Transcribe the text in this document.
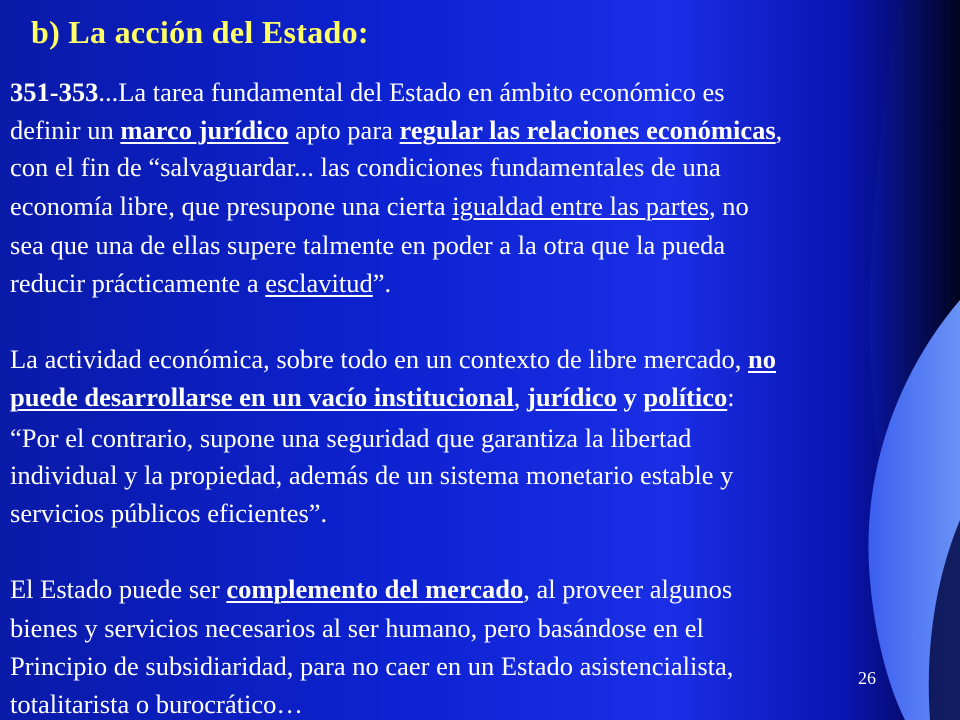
b) La acción del Estado:
351-353...La tarea fundamental del Estado en ámbito económico es
definir un marco jurídico apto para regular las relaciones económicas,
con el fin de “salvaguardar... las condiciones fundamentales de una
economía libre, que presupone una cierta igualdad entre las partes, no
sea que una de ellas supere talmente en poder a la otra que la pueda
reducir prácticamente a esclavitud”.
La actividad económica, sobre todo en un contexto de libre mercado, no
puede desarrollarse en un vacío institucional, jurídico y político:
“Por el contrario, supone una seguridad que garantiza la libertad
individual y la propiedad, además de un sistema monetario estable y
servicios públicos eficientes”.
El Estado puede ser complemento del mercado, al proveer algunos
bienes y servicios necesarios al ser humano, pero basándose en el
Principio de subsidiaridad, para no caer en un Estado asistencialista,
totalitarista o burocrático…
26
